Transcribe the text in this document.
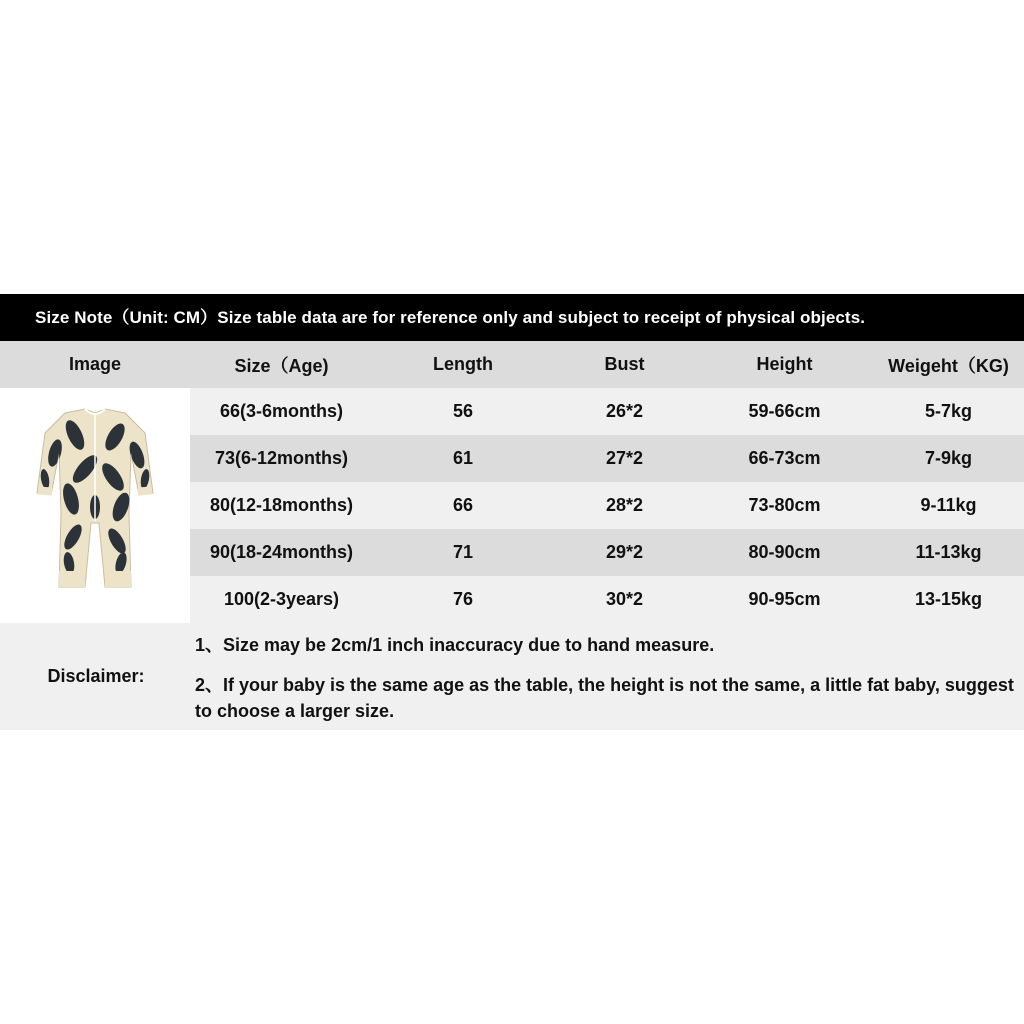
Size Note（Unit: CM）Size table data are for reference only and subject to receipt of physical objects.
Image	Size（Age)	Length	Bust	Height	Weigeht（KG)
	66(3-6months)	56	26*2	59-66cm	5-7kg
	73(6-12months)	61	27*2	66-73cm	7-9kg
	80(12-18months)	66	28*2	73-80cm	9-11kg
	90(18-24months)	71	29*2	80-90cm	11-13kg
	100(2-3years)	76	30*2	90-95cm	13-15kg
Disclaimer:
1、Size may be 2cm/1 inch inaccuracy due to hand measure.
2、If your baby is the same age as the table, the height is not the same, a little fat baby, suggest to choose a larger size.
